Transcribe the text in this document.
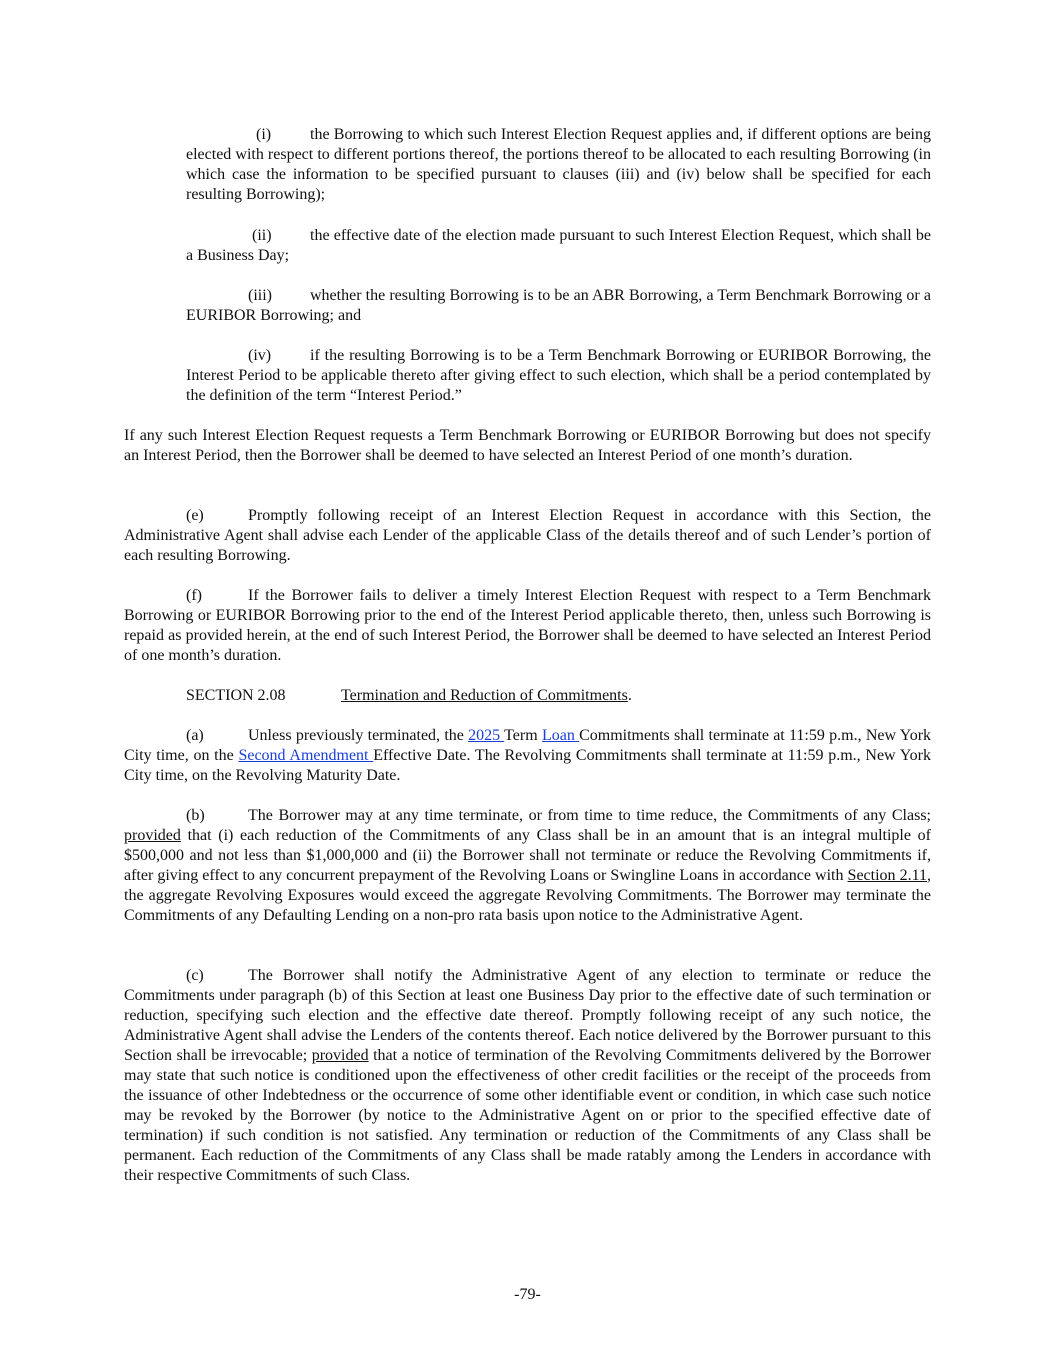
(i) the Borrowing to which such Interest Election Request applies and, if different options are being elected with respect to different portions thereof, the portions thereof to be allocated to each resulting Borrowing (in which case the information to be specified pursuant to clauses (iii) and (iv) below shall be specified for each resulting Borrowing);
(ii) the effective date of the election made pursuant to such Interest Election Request, which shall be a Business Day;
(iii) whether the resulting Borrowing is to be an ABR Borrowing, a Term Benchmark Borrowing or a EURIBOR Borrowing; and
(iv) if the resulting Borrowing is to be a Term Benchmark Borrowing or EURIBOR Borrowing, the Interest Period to be applicable thereto after giving effect to such election, which shall be a period contemplated by the definition of the term “Interest Period.”
If any such Interest Election Request requests a Term Benchmark Borrowing or EURIBOR Borrowing but does not specify an Interest Period, then the Borrower shall be deemed to have selected an Interest Period of one month’s duration.
(e)	Promptly following receipt of an Interest Election Request in accordance with this Section, the Administrative Agent shall advise each Lender of the applicable Class of the details thereof and of such Lender’s portion of each resulting Borrowing.
(f)	If the Borrower fails to deliver a timely Interest Election Request with respect to a Term Benchmark Borrowing or EURIBOR Borrowing prior to the end of the Interest Period applicable thereto, then, unless such Borrowing is repaid as provided herein, at the end of such Interest Period, the Borrower shall be deemed to have selected an Interest Period of one month’s duration.
SECTION 2.08	Termination and Reduction of Commitments.
(a)	Unless previously terminated, the 2025 Term Loan Commitments shall terminate at 11:59 p.m., New York City time, on the Second Amendment Effective Date. The Revolving Commitments shall terminate at 11:59 p.m., New York City time, on the Revolving Maturity Date.
(b)	The Borrower may at any time terminate, or from time to time reduce, the Commitments of any Class; provided that (i) each reduction of the Commitments of any Class shall be in an amount that is an integral multiple of $500,000 and not less than $1,000,000 and (ii) the Borrower shall not terminate or reduce the Revolving Commitments if, after giving effect to any concurrent prepayment of the Revolving Loans or Swingline Loans in accordance with Section 2.11, the aggregate Revolving Exposures would exceed the aggregate Revolving Commitments. The Borrower may terminate the Commitments of any Defaulting Lending on a non-pro rata basis upon notice to the Administrative Agent.
(c)	The Borrower shall notify the Administrative Agent of any election to terminate or reduce the Commitments under paragraph (b) of this Section at least one Business Day prior to the effective date of such termination or reduction, specifying such election and the effective date thereof. Promptly following receipt of any such notice, the Administrative Agent shall advise the Lenders of the contents thereof. Each notice delivered by the Borrower pursuant to this Section shall be irrevocable; provided that a notice of termination of the Revolving Commitments delivered by the Borrower may state that such notice is conditioned upon the effectiveness of other credit facilities or the receipt of the proceeds from the issuance of other Indebtedness or the occurrence of some other identifiable event or condition, in which case such notice may be revoked by the Borrower (by notice to the Administrative Agent on or prior to the specified effective date of termination) if such condition is not satisfied. Any termination or reduction of the Commitments of any Class shall be permanent. Each reduction of the Commitments of any Class shall be made ratably among the Lenders in accordance with their respective Commitments of such Class.
-79-
